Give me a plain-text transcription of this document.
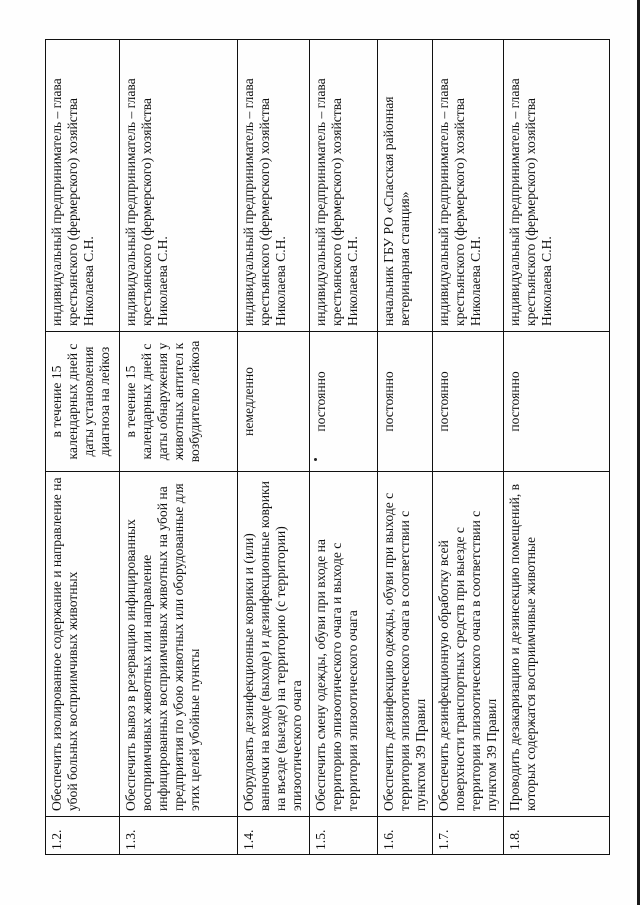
1.2.	Обеспечить изолированное содержание и направление на убой больных восприимчивых животных	в течение 15 календарных дней с даты установления диагноза на лейкоз	индивидуальный предприниматель – глава крестьянского (фермерского) хозяйства Николаева С.Н.
1.3.	Обеспечить вывоз в резервацию инфицированных восприимчивых животных или направление инфицированных восприимчивых животных на убой на предприятия по убою животных или оборудованные для этих целей убойные пункты	в течение 15 календарных дней с даты обнаружения у животных антител к возбудителю лейкоза	индивидуальный предприниматель – глава крестьянского (фермерского) хозяйства Николаева С.Н.
1.4.	Оборудовать дезинфекционные коврики и (или) ванночки на входе (выходе) и дезинфекционные коврики на въезде (выезде) на территорию (с территории) эпизоотического очага	немедленно	индивидуальный предприниматель – глава крестьянского (фермерского) хозяйства Николаева С.Н.
1.5.	Обеспечить смену одежды, обуви при входе на территорию эпизоотического очага и выходе с территории эпизоотического очага	постоянно	индивидуальный предприниматель – глава крестьянского (фермерского) хозяйства Николаева С.Н.
1.6.	Обеспечить дезинфекцию одежды, обуви при выходе с территории эпизоотического очага в соответствии с пунктом 39 Правил	постоянно	начальник ГБУ РО «Спасская районная ветеринарная станция»
1.7.	Обеспечить дезинфекционную обработку всей поверхности транспортных средств при выезде с территории эпизоотического очага в соответствии с пунктом 39 Правил	постоянно	индивидуальный предприниматель – глава крестьянского (фермерского) хозяйства Николаева С.Н.
1.8.	Проводить дезакаризацию и дезинсекцию помещений, в которых содержатся восприимчивые животные	постоянно	индивидуальный предприниматель – глава крестьянского (фермерского) хозяйства Николаева С.Н.
